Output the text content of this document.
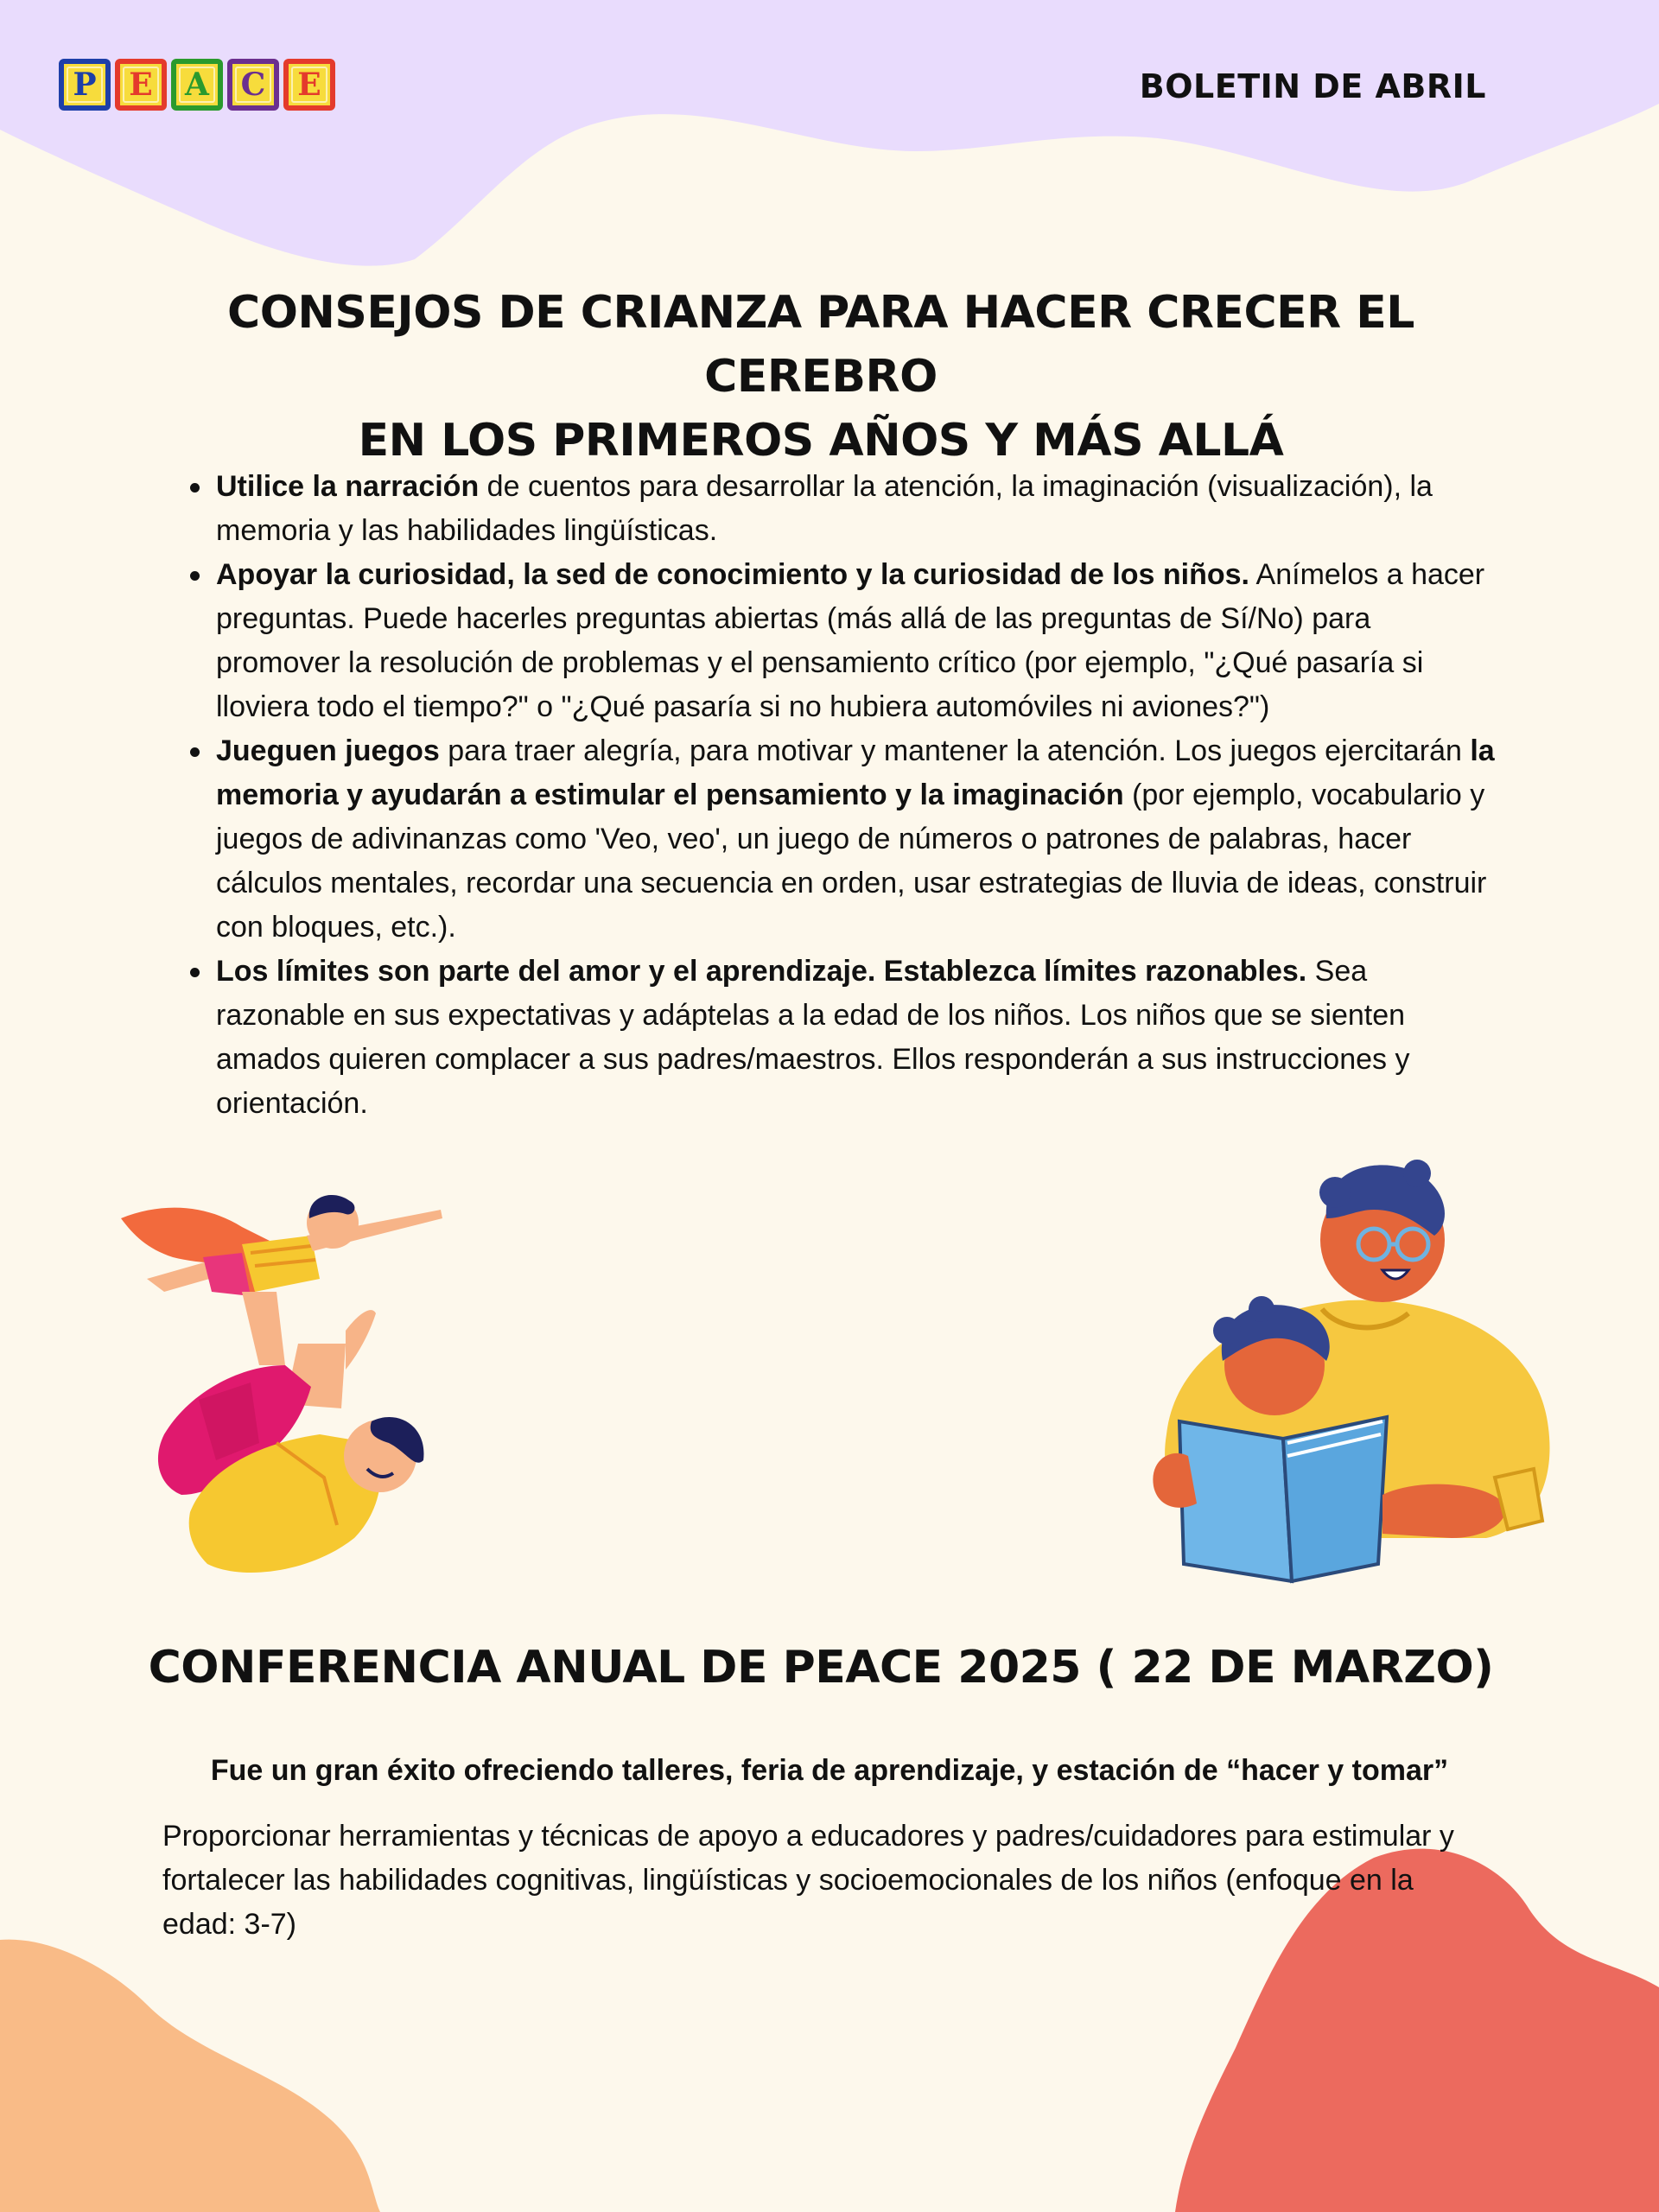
P	E	A	C	E	BOLETIN DE ABRIL
CONSEJOS DE CRIANZA PARA HACER CRECER EL CEREBRO
EN LOS PRIMEROS AÑOS Y MÁS ALLÁ
Utilice la narración de cuentos para desarrollar la atención, la imaginación (visualización), la memoria y las habilidades lingüísticas.
Apoyar la curiosidad, la sed de conocimiento y la curiosidad de los niños. Anímelos a hacer preguntas. Puede hacerles preguntas abiertas (más allá de las preguntas de Sí/No) para promover la resolución de problemas y el pensamiento crítico (por ejemplo, "¿Qué pasaría si lloviera todo el tiempo?" o "¿Qué pasaría si no hubiera automóviles ni aviones?")
Jueguen juegos para traer alegría, para motivar y mantener la atención. Los juegos ejercitarán la memoria y ayudarán a estimular el pensamiento y la imaginación (por ejemplo, vocabulario y juegos de adivinanzas como 'Veo, veo', un juego de números o patrones de palabras, hacer cálculos mentales, recordar una secuencia en orden, usar estrategias de lluvia de ideas, construir con bloques, etc.).
Los límites son parte del amor y el aprendizaje. Establezca límites razonables. Sea razonable en sus expectativas y adáptelas a la edad de los niños. Los niños que se sienten amados quieren complacer a sus padres/maestros. Ellos responderán a sus instrucciones y orientación.
CONFERENCIA ANUAL DE PEACE 2025 ( 22 DE MARZO)
Fue un gran éxito ofreciendo talleres, feria de aprendizaje, y estación de “hacer y tomar”
Proporcionar herramientas y técnicas de apoyo a educadores y padres/cuidadores para estimular y fortalecer las habilidades cognitivas, lingüísticas y socioemocionales de los niños (enfoque en la edad: 3-7)
